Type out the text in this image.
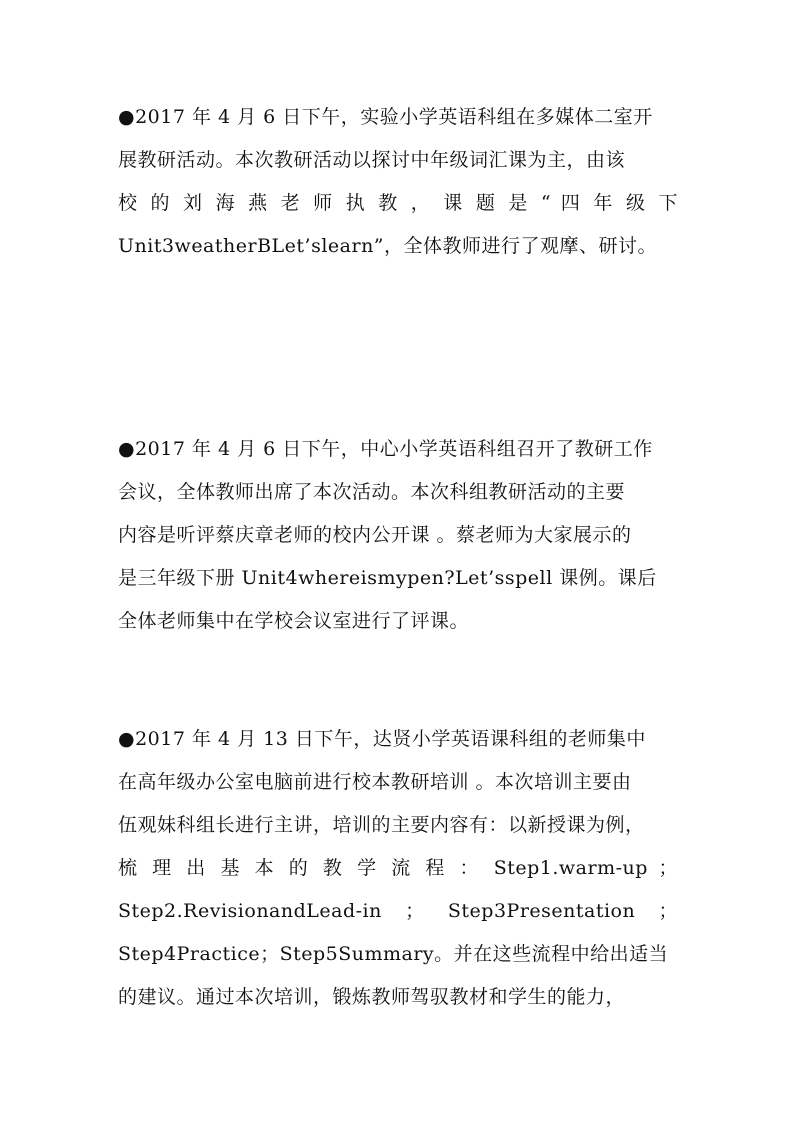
●2017 年 4 月 6 日下午，实验小学英语科组在多媒体二室开
展教研活动。本次教研活动以探讨中年级词汇课为主，由该
校 的 刘 海 燕 老 师 执 教 ， 课 题 是 “ 四 年 级 下
Unit3weatherBLet’slearn”，全体教师进行了观摩、研讨。
●2017 年 4 月 6 日下午，中心小学英语科组召开了教研工作
会议，全体教师出席了本次活动。本次科组教研活动的主要
内容是听评蔡庆章老师的校内公开课 。蔡老师为大家展示的
是三年级下册 Unit4whereismypen?Let’sspell 课例。课后
全体老师集中在学校会议室进行了评课。
●2017 年 4 月 13 日下午，达贤小学英语课科组的老师集中
在高年级办公室电脑前进行校本教研培训 。本次培训主要由
伍观妹科组长进行主讲，培训的主要内容有：以新授课为例，
梳 理 出 基 本 的 教 学 流 程 ： Step1.warm-up ；
Step2.RevisionandLead-in ； Step3Presentation ；
Step4Practice；Step5Summary。并在这些流程中给出适当
的建议。通过本次培训，锻炼教师驾驭教材和学生的能力，
